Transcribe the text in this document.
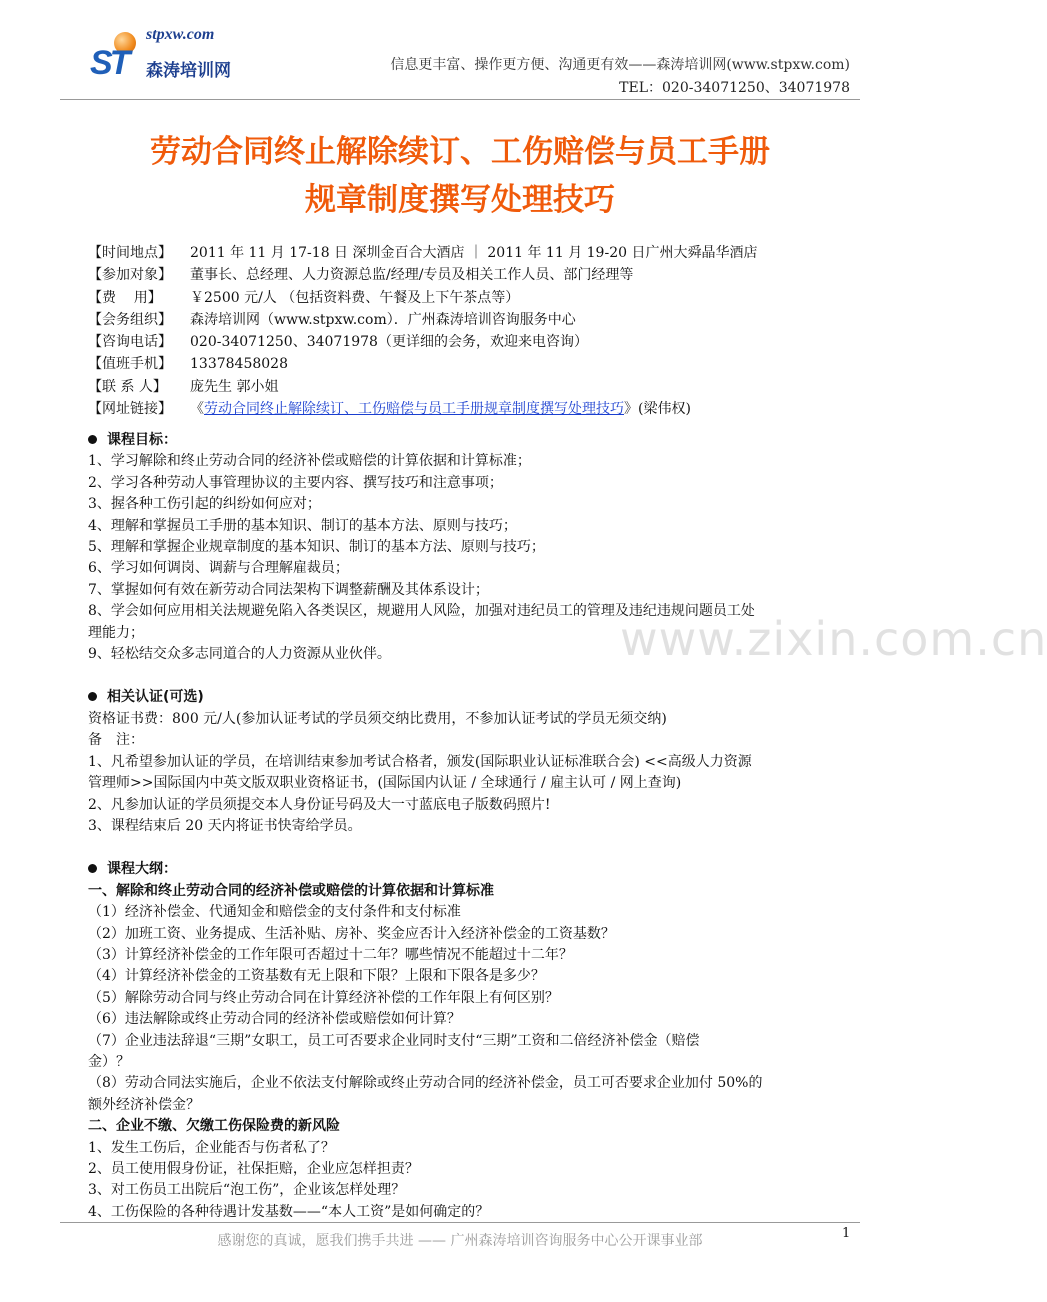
stpxw.com
ST 森涛培训网	信息更丰富、操作更方便、沟通更有效——森涛培训网(www.stpxw.com)
TEL：020-34071250、34071978
劳动合同终止解除续订、工伤赔偿与员工手册
规章制度撰写处理技巧
【时间地点】	2011 年 11 月 17-18 日 深圳金百合大酒店 ｜ 2011 年 11 月 19-20 日广州大舜晶华酒店
【参加对象】	董事长、总经理、人力资源总监/经理/专员及相关工作人员、部门经理等
【费    用】	￥2500 元/人 （包括资料费、午餐及上下午茶点等）
【会务组织】	森涛培训网（www.stpxw.com）．广州森涛培训咨询服务中心
【咨询电话】	020-34071250、34071978（更详细的会务，欢迎来电咨询）
【值班手机】	13378458028
【联 系 人】	庞先生 郭小姐
【网址链接】	《劳动合同终止解除续订、工伤赔偿与员工手册规章制度撰写处理技巧》(梁伟权)
课程目标：
1、学习解除和终止劳动合同的经济补偿或赔偿的计算依据和计算标准；
2、学习各种劳动人事管理协议的主要内容、撰写技巧和注意事项；
3、握各种工伤引起的纠纷如何应对；
4、理解和掌握员工手册的基本知识、制订的基本方法、原则与技巧；
5、理解和掌握企业规章制度的基本知识、制订的基本方法、原则与技巧；
6、学习如何调岗、调薪与合理解雇裁员；
7、掌握如何有效在新劳动合同法架构下调整薪酬及其体系设计；
8、学会如何应用相关法规避免陷入各类误区，规避用人风险，加强对违纪员工的管理及违纪违规问题员工处
理能力；
9、轻松结交众多志同道合的人力资源从业伙伴。
相关认证(可选)
资格证书费：800 元/人(参加认证考试的学员须交纳比费用，不参加认证考试的学员无须交纳)
备　注：
1、凡希望参加认证的学员，在培训结束参加考试合格者，颁发(国际职业认证标准联合会) <<高级人力资源
管理师>>国际国内中英文版双职业资格证书，(国际国内认证 / 全球通行 / 雇主认可 / 网上查询)
2、凡参加认证的学员须提交本人身份证号码及大一寸蓝底电子版数码照片!
3、课程结束后 20 天内将证书快寄给学员。
课程大纲：
一、解除和终止劳动合同的经济补偿或赔偿的计算依据和计算标准
（1）经济补偿金、代通知金和赔偿金的支付条件和支付标准
（2）加班工资、业务提成、生活补贴、房补、奖金应否计入经济补偿金的工资基数？
（3）计算经济补偿金的工作年限可否超过十二年？哪些情况不能超过十二年？
（4）计算经济补偿金的工资基数有无上限和下限？上限和下限各是多少？
（5）解除劳动合同与终止劳动合同在计算经济补偿的工作年限上有何区别？
（6）违法解除或终止劳动合同的经济补偿或赔偿如何计算？
（7）企业违法辞退“三期”女职工，员工可否要求企业同时支付“三期”工资和二倍经济补偿金（赔偿
金）？
（8）劳动合同法实施后，企业不依法支付解除或终止劳动合同的经济补偿金，员工可否要求企业加付 50%的
额外经济补偿金？
二、企业不缴、欠缴工伤保险费的新风险
1、发生工伤后，企业能否与伤者私了？
2、员工使用假身份证，社保拒赔，企业应怎样担责？
3、对工伤员工出院后“泡工伤”，企业该怎样处理？
4、工伤保险的各种待遇计发基数——“本人工资”是如何确定的？
www.zixin.com.cn
感谢您的真诚，愿我们携手共进 —— 广州森涛培训咨询服务中心公开课事业部	1
